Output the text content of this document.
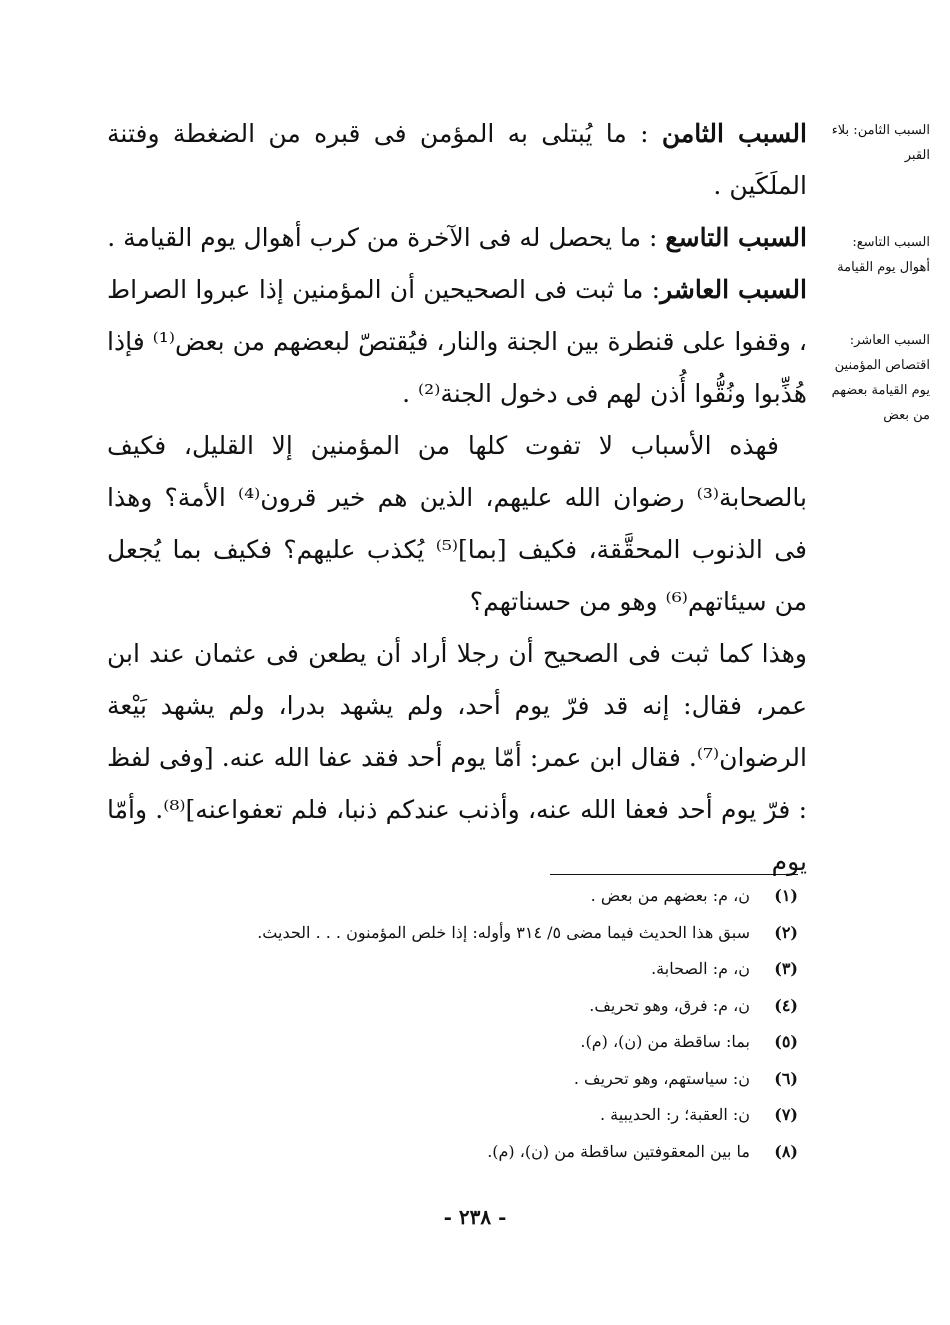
السبب الثامن: بلاء القبر
السبب التاسع: أهوال يوم القيامة
السبب العاشر: اقتصاص المؤمنين يوم القيامة بعضهم من بعض

السبب الثامن : ما يُبتلى به المؤمن فى قبره من الضغطة وفتنة الملَكَين .

السبب التاسع : ما يحصل له فى الآخرة من كرب أهوال يوم القيامة .

السبب العاشر: ما ثبت فى الصحيحين أن المؤمنين إذا عبروا الصراط ، وقفوا على قنطرة بين الجنة والنار، فيُقتصّ لبعضهم من بعض⁽¹⁾ فإذا هُذِّبوا ونُقُّوا أُذن لهم فى دخول الجنة⁽²⁾ .

فهذه الأسباب لا تفوت كلها من المؤمنين إلا القليل، فكيف بالصحابة⁽³⁾ رضوان الله عليهم، الذين هم خير قرون⁽⁴⁾ الأمة؟ وهذا فى الذنوب المحقَّقة، فكيف [بما]⁽⁵⁾ يُكذب عليهم؟ فكيف بما يُجعل من سيئاتهم⁽⁶⁾ وهو من حسناتهم؟

وهذا كما ثبت فى الصحيح أن رجلا أراد أن يطعن فى عثمان عند ابن عمر، فقال: إنه قد فرّ يوم أحد، ولم يشهد بدرا، ولم يشهد بَيْعة الرضوان⁽⁷⁾. فقال ابن عمر: أمّا يوم أحد فقد عفا الله عنه. [وفى لفظ : فرّ يوم أحد فعفا الله عنه، وأذنب عندكم ذنبا، فلم تعفواعنه]⁽⁸⁾. وأمّا يوم

(١)
ن، م: بعضهم من بعض .
(٢)
سبق هذا الحديث فيما مضى ٥/ ٣١٤ وأوله: إذا خلص المؤمنون . . . الحديث.
(٣)
ن، م: الصحابة.
(٤)
ن، م: فرق، وهو تحريف.
(٥)
بما: ساقطة من (ن)، (م).
(٦)
ن: سياستهم، وهو تحريف .
(٧)
ن: العقبة؛ ر: الحديبية .
(٨)
ما بين المعقوفتين ساقطة من (ن)، (م).
- ٢٣٨ -
